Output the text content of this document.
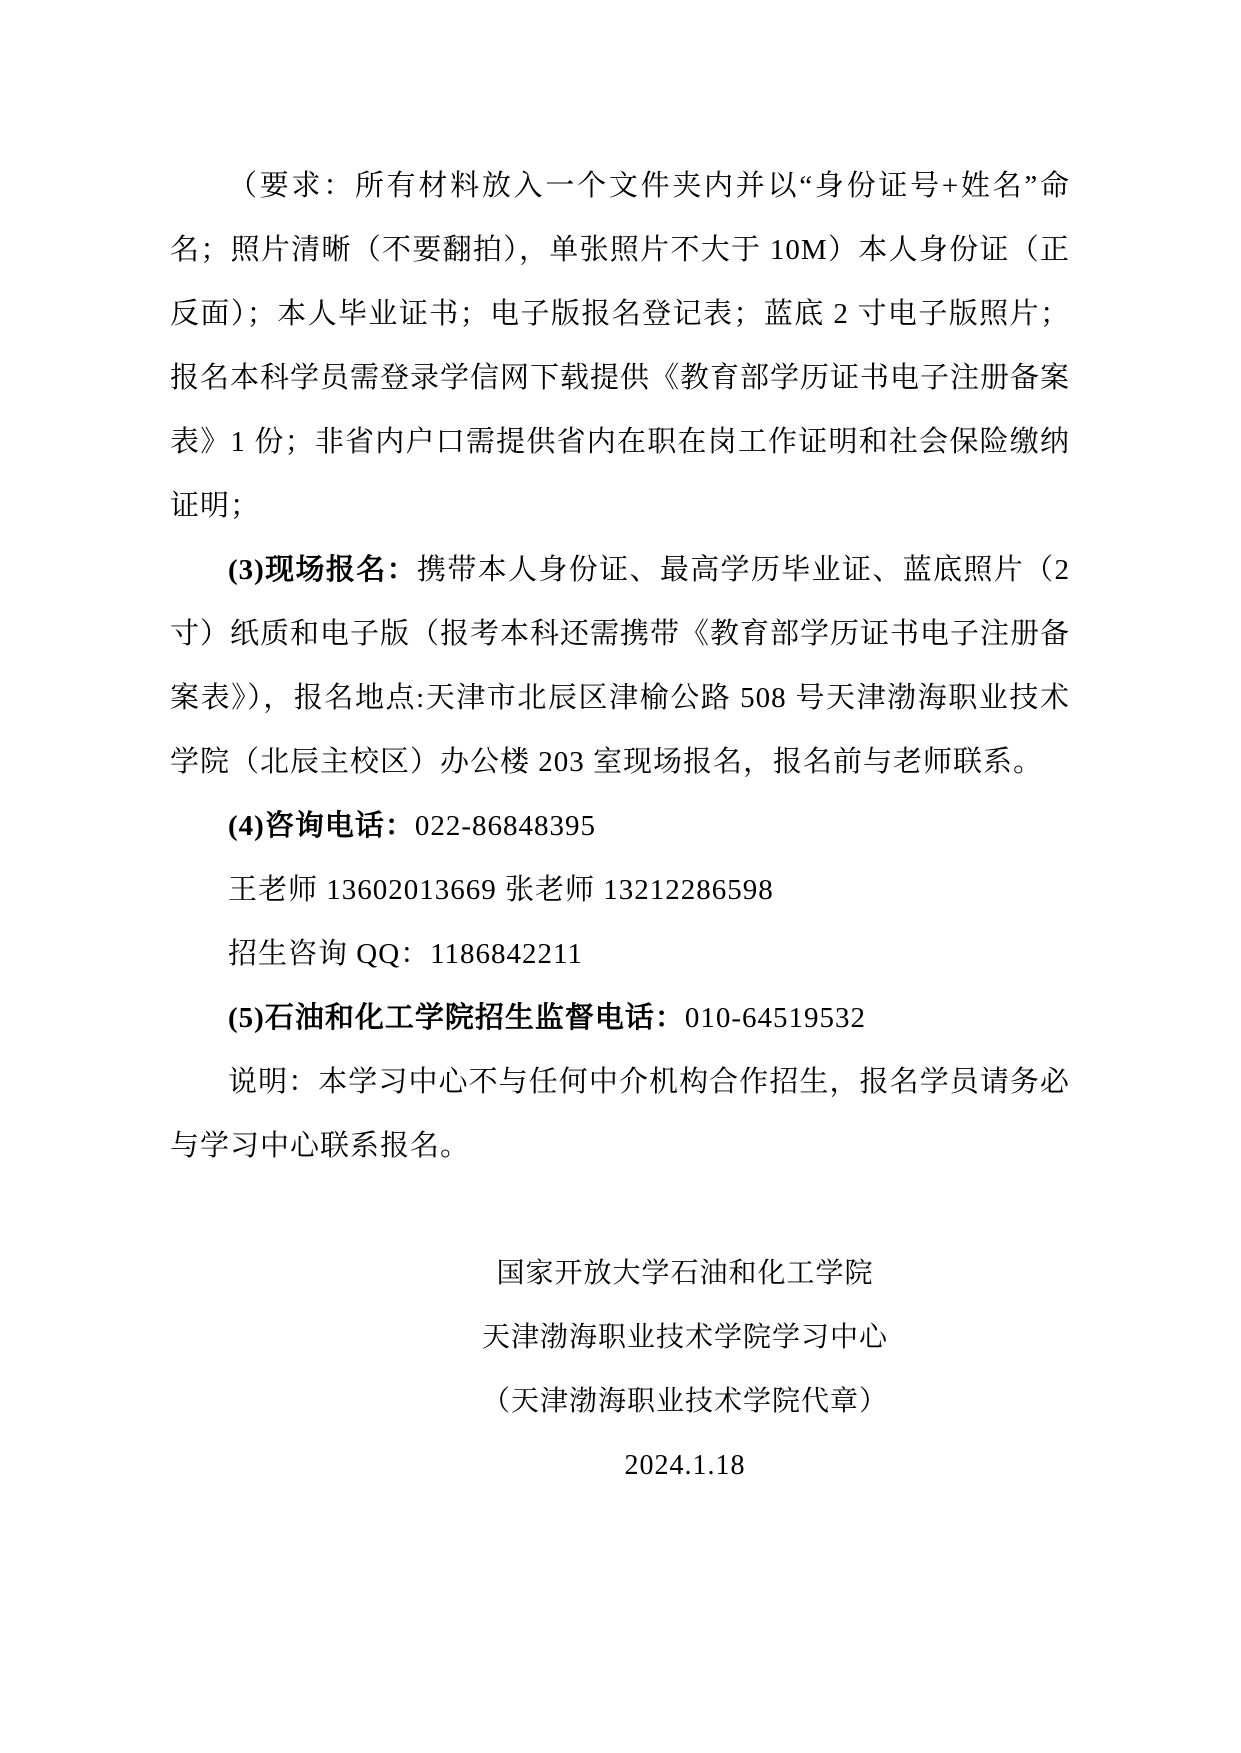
（要求：所有材料放入一个文件夹内并以“身份证号+姓名”命名；照片清晰（不要翻拍），单张照片不大于 10M）本人身份证（正反面）；本人毕业证书；电子版报名登记表；蓝底 2 寸电子版照片；报名本科学员需登录学信网下载提供《教育部学历证书电子注册备案表》1 份；非省内户口需提供省内在职在岗工作证明和社会保险缴纳证明；

(3)现场报名：携带本人身份证、最高学历毕业证、蓝底照片（2 寸）纸质和电子版（报考本科还需携带《教育部学历证书电子注册备案表》），报名地点:天津市北辰区津榆公路 508 号天津渤海职业技术学院（北辰主校区）办公楼 203 室现场报名，报名前与老师联系。

(4)咨询电话：022-86848395

王老师 13602013669 张老师 13212286598

招生咨询 QQ：1186842211

(5)石油和化工学院招生监督电话：010-64519532

说明：本学习中心不与任何中介机构合作招生，报名学员请务必与学习中心联系报名。

国家开放大学石油和化工学院

天津渤海职业技术学院学习中心

（天津渤海职业技术学院代章）

2024.1.18
